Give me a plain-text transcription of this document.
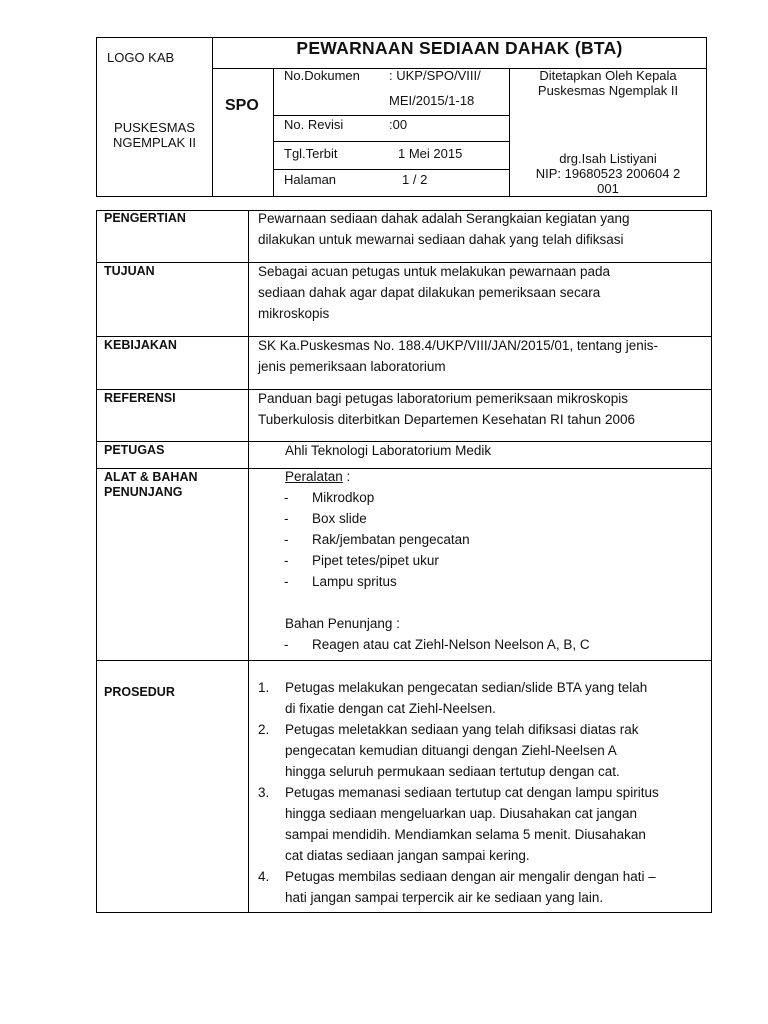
LOGO KAB
PUSKESMAS
NGEMPLAK II
PEWARNAAN SEDIAAN DAHAK (BTA)
SPO
No.Dokumen : UKP/SPO/VIII/
MEI/2015/1-18
No. Revisi	:00
Tgl.Terbit	1 Mei 2015
Halaman	1 / 2
Ditetapkan Oleh Kepala
Puskesmas Ngemplak II
drg.Isah Listiyani
NIP: 19680523 200604 2
001
PENGERTIAN	Pewarnaan sediaan dahak adalah Serangkaian kegiatan yang
dilakukan untuk mewarnai sediaan dahak yang telah difiksasi
TUJUAN	Sebagai acuan petugas untuk melakukan pewarnaan pada
sediaan dahak agar dapat dilakukan pemeriksaan secara
mikroskopis
KEBIJAKAN	SK Ka.Puskesmas No. 188.4/UKP/VIII/JAN/2015/01, tentang jenis-
jenis pemeriksaan laboratorium
REFERENSI	Panduan bagi petugas laboratorium pemeriksaan mikroskopis
Tuberkulosis diterbitkan Departemen Kesehatan RI tahun 2006
PETUGAS	Ahli Teknologi Laboratorium Medik
ALAT & BAHAN
PENUNJANG
Peralatan :
- Mikrodkop
- Box slide
- Rak/jembatan pengecatan
- Pipet tetes/pipet ukur
- Lampu spritus
Bahan Penunjang :
- Reagen atau cat Ziehl-Nelson Neelson A, B, C
PROSEDUR	1. Petugas melakukan pengecatan sedian/slide BTA yang telah
di fixatie dengan cat Ziehl-Neelsen.
2. Petugas meletakkan sediaan yang telah difiksasi diatas rak
pengecatan kemudian dituangi dengan Ziehl-Neelsen A
hingga seluruh permukaan sediaan tertutup dengan cat.
3. Petugas memanasi sediaan tertutup cat dengan lampu spiritus
hingga sediaan mengeluarkan uap. Diusahakan cat jangan
sampai mendidih. Mendiamkan selama 5 menit. Diusahakan
cat diatas sediaan jangan sampai kering.
4. Petugas membilas sediaan dengan air mengalir dengan hati –
hati jangan sampai terpercik air ke sediaan yang lain.
